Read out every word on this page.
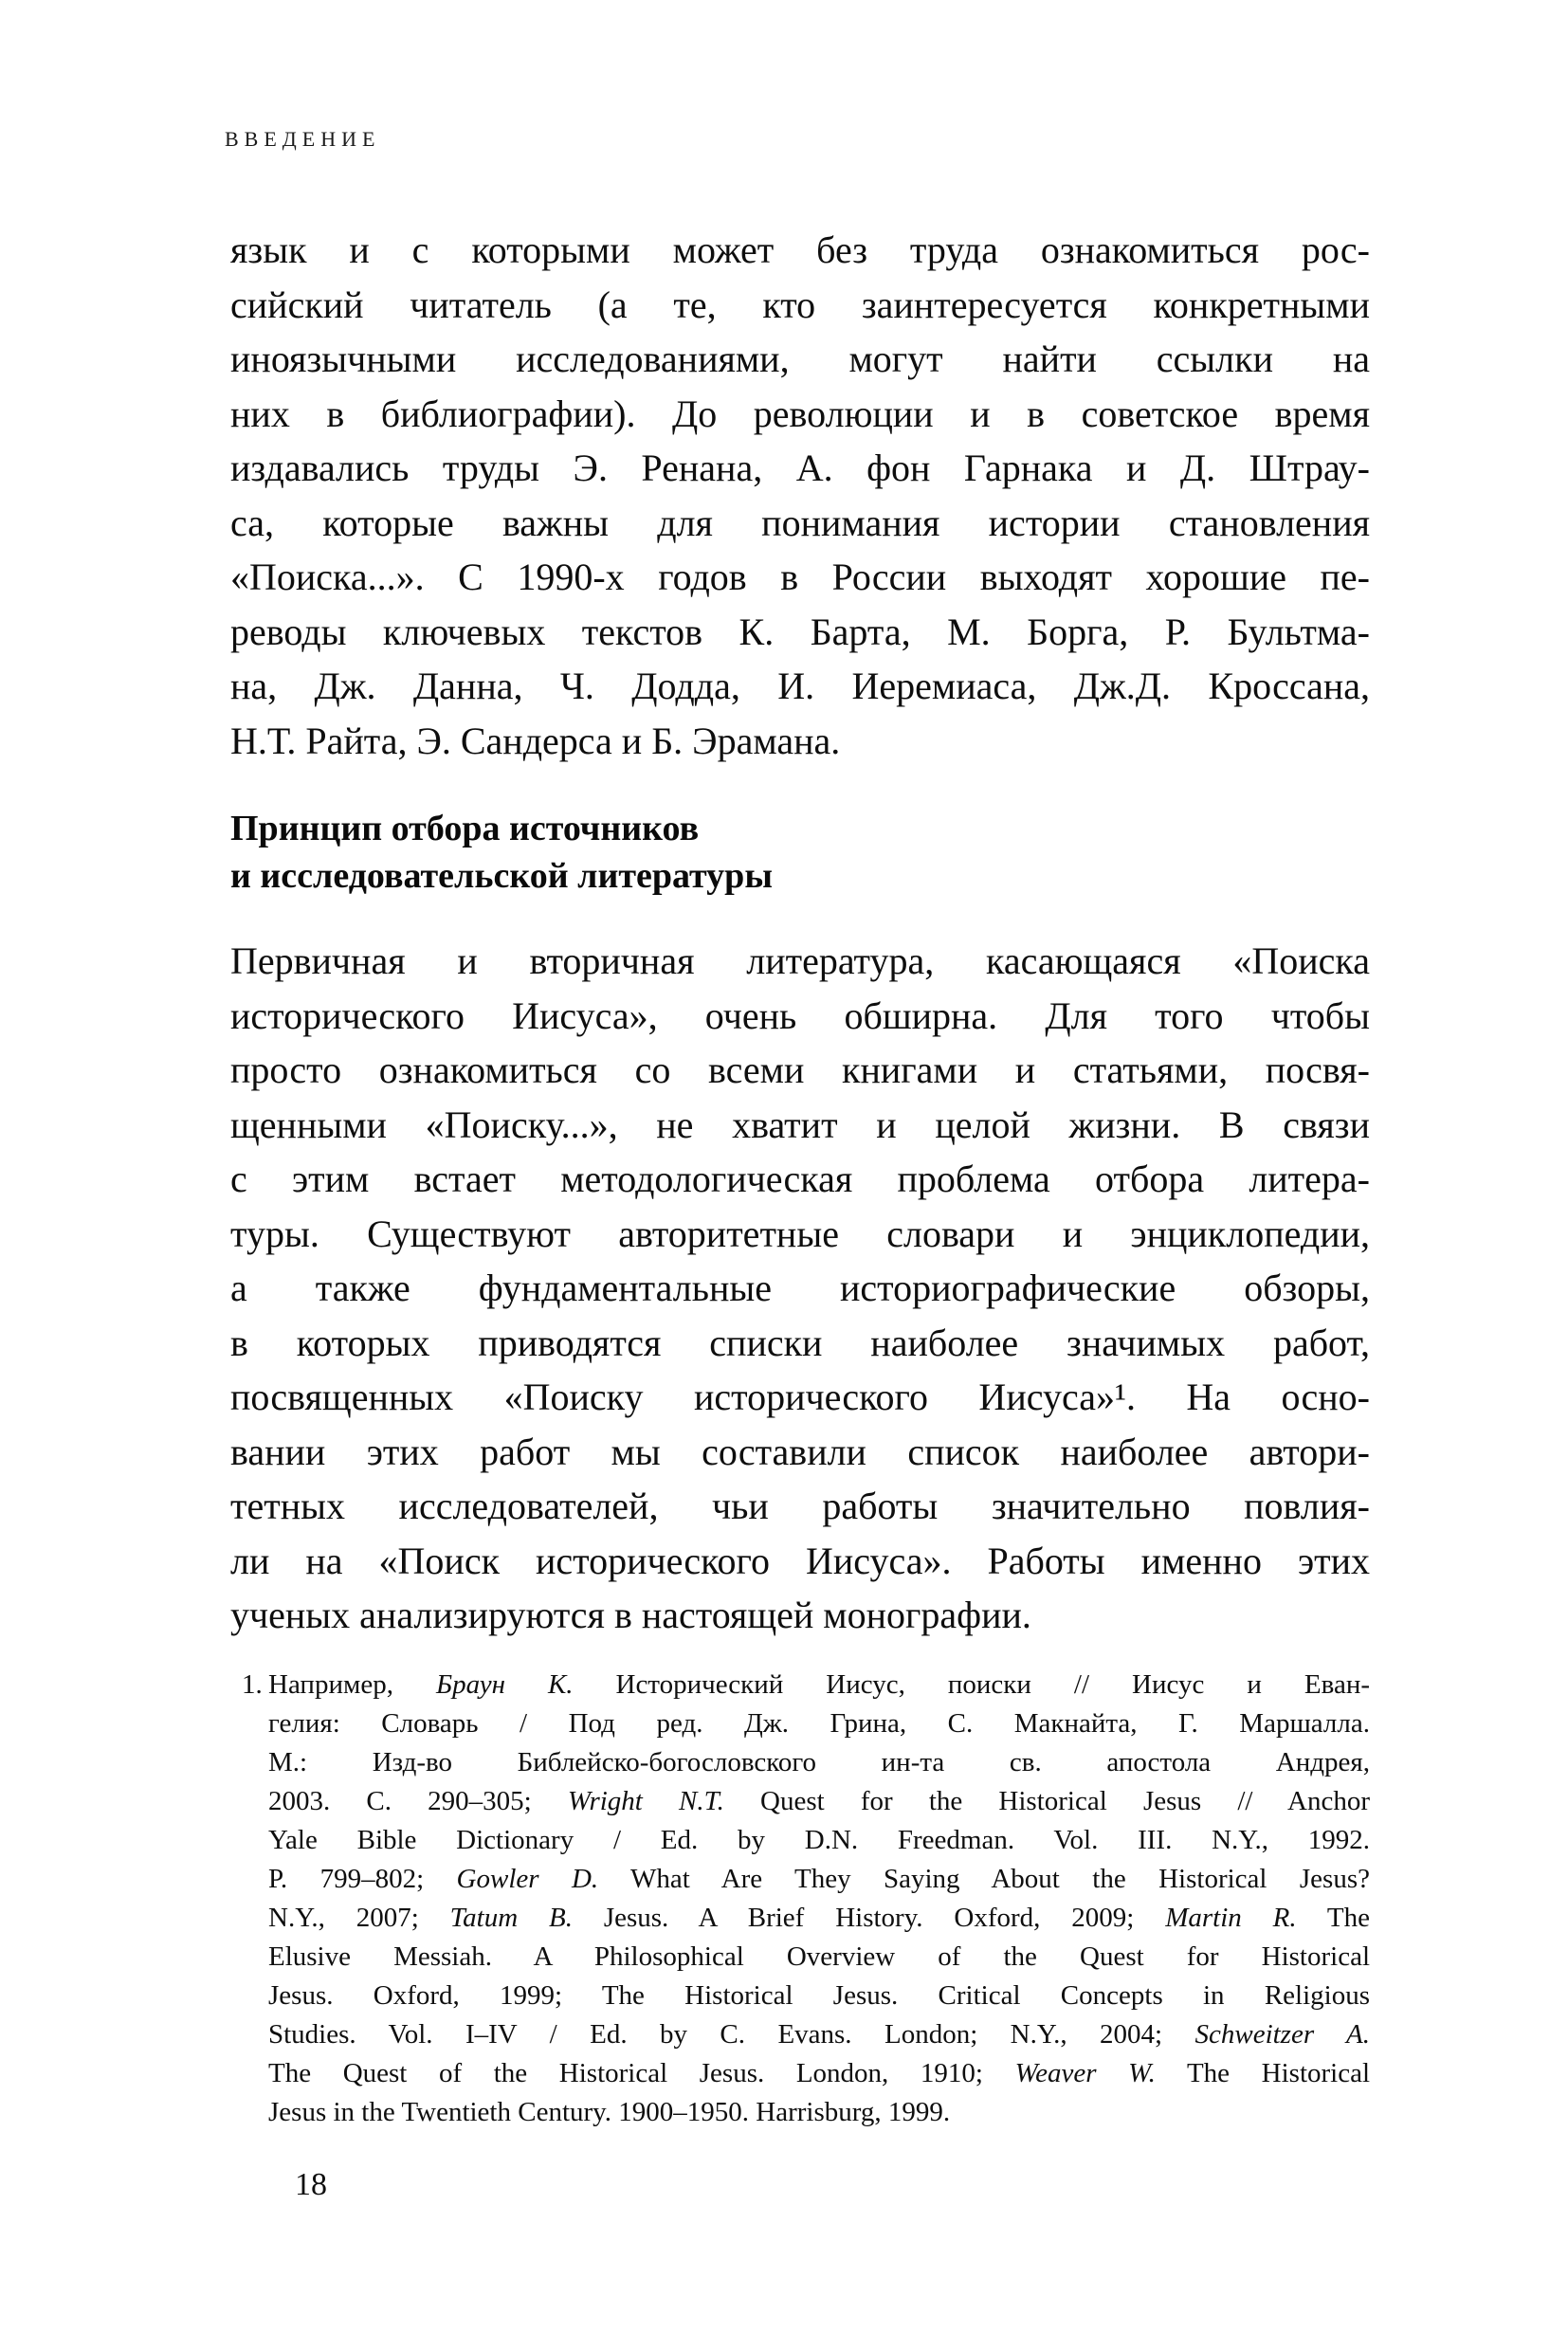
ВВЕДЕНИЕ
язык и с которыми может без труда ознакомиться рос-
сийский читатель (а те, кто заинтересуется конкретными
иноязычными исследованиями, могут найти ссылки на
них в библиографии). До революции и в советское время
издавались труды Э. Ренана, А. фон Гарнака и Д. Штрау-
са, которые важны для понимания истории становления
«Поиска...». С 1990-х годов в России выходят хорошие пе-
реводы ключевых текстов К. Барта, М. Борга, Р. Бультма-
на, Дж. Данна, Ч. Додда, И. Иеремиаса, Дж.Д. Кроссана,
Н.Т. Райта, Э. Сандерса и Б. Эрамана.
Принцип отбора источников
и исследовательской литературы
Первичная и вторичная литература, касающаяся «Поиска
исторического Иисуса», очень обширна. Для того чтобы
просто ознакомиться со всеми книгами и статьями, посвя-
щенными «Поиску...», не хватит и целой жизни. В связи
с этим встает методологическая проблема отбора литера-
туры. Существуют авторитетные словари и энциклопедии,
а также фундаментальные историографические обзоры,
в которых приводятся списки наиболее значимых работ,
посвященных «Поиску исторического Иисуса»¹. На осно-
вании этих работ мы составили список наиболее автори-
тетных исследователей, чьи работы значительно повлия-
ли на «Поиск исторического Иисуса». Работы именно этих
ученых анализируются в настоящей монографии.
1. Например, Браун К. Исторический Иисус, поиски // Иисус и Еван-
гелия: Словарь / Под ред. Дж. Грина, С. Макнайта, Г. Маршалла.
М.: Изд-во Библейско-богословского ин-та св. апостола Андрея,
2003. С. 290–305; Wright N.T. Quest for the Historical Jesus // Anchor
Yale Bible Dictionary / Ed. by D.N. Freedman. Vol. III. N.Y., 1992.
P. 799–802; Gowler D. What Are They Saying About the Historical Jesus?
N.Y., 2007; Tatum B. Jesus. A Brief History. Oxford, 2009; Martin R. The
Elusive Messiah. A Philosophical Overview of the Quest for Historical
Jesus. Oxford, 1999; The Historical Jesus. Critical Concepts in Religious
Studies. Vol. I–IV / Ed. by C. Evans. London; N.Y., 2004; Schweitzer A.
The Quest of the Historical Jesus. London, 1910; Weaver W. The Historical
Jesus in the Twentieth Century. 1900–1950. Harrisburg, 1999.
18
